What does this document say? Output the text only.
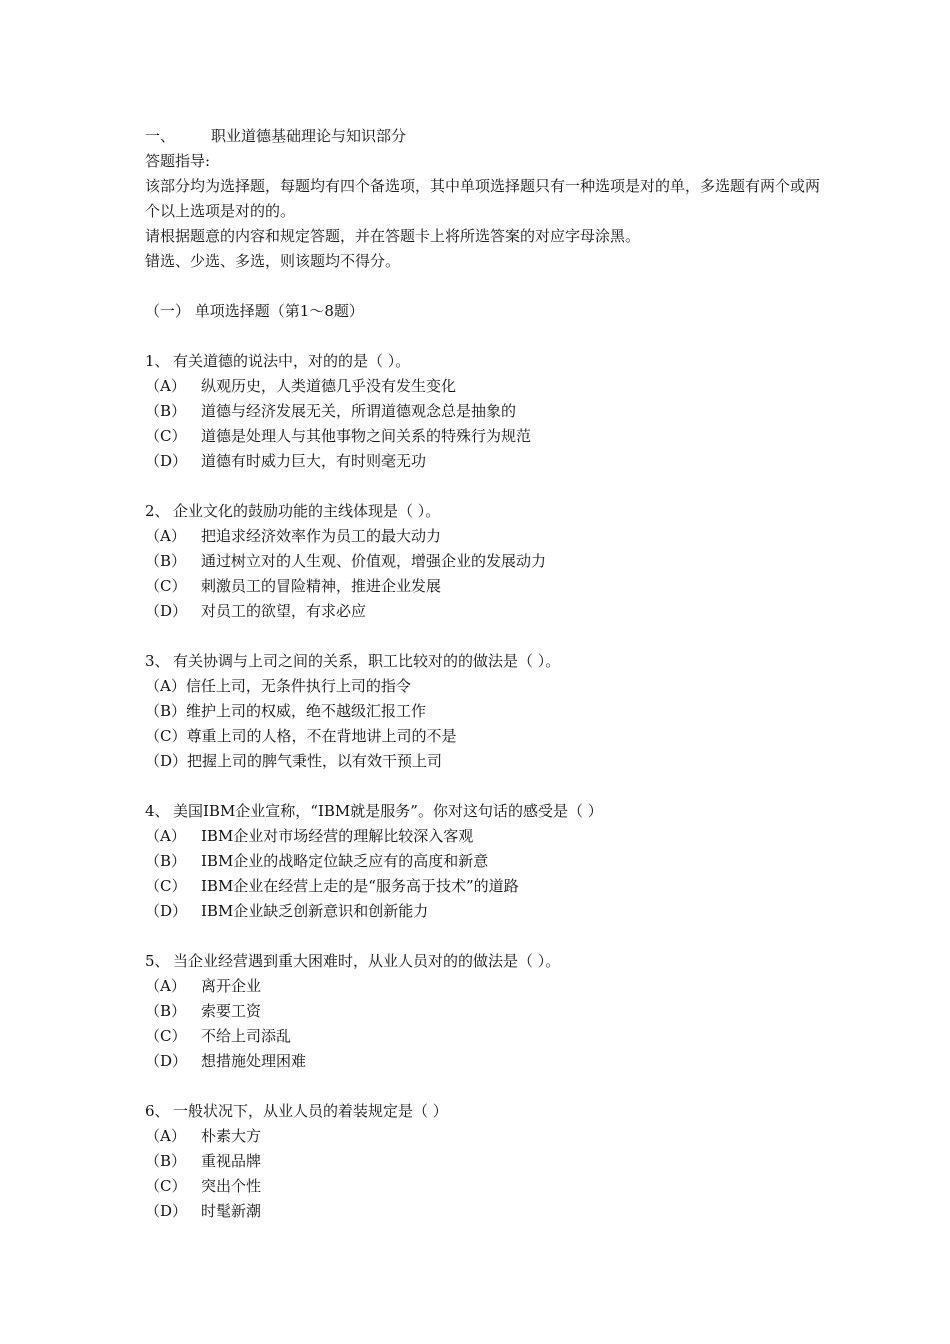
一、 职业道德基础理论与知识部分
答题指导:
该部分均为选择题，每题均有四个备选项，其中单项选择题只有一种选项是对的单，多选题有两个或两个以上选项是对的的。
请根据题意的内容和规定答题，并在答题卡上将所选答案的对应字母涂黑。
错选、少选、多选，则该题均不得分。
（一） 单项选择题（第1～8题）
1、 有关道德的说法中，对的的是（ ）。
（A） 纵观历史，人类道德几乎没有发生变化
（B） 道德与经济发展无关，所谓道德观念总是抽象的
（C） 道德是处理人与其他事物之间关系的特殊行为规范
（D） 道德有时威力巨大，有时则毫无功
2、 企业文化的鼓励功能的主线体现是（ ）。
（A） 把追求经济效率作为员工的最大动力
（B） 通过树立对的人生观、价值观，增强企业的发展动力
（C） 刺激员工的冒险精神，推进企业发展
（D） 对员工的欲望，有求必应
3、 有关协调与上司之间的关系，职工比较对的的做法是（ ）。
（A）信任上司，无条件执行上司的指令
（B）维护上司的权威，绝不越级汇报工作
（C）尊重上司的人格，不在背地讲上司的不是
（D）把握上司的脾气秉性，以有效干预上司
4、 美国IBM企业宣称，“IBM就是服务”。你对这句话的感受是（ ）
（A） IBM企业对市场经营的理解比较深入客观
（B） IBM企业的战略定位缺乏应有的高度和新意
（C） IBM企业在经营上走的是“服务高于技术”的道路
（D） IBM企业缺乏创新意识和创新能力
5、 当企业经营遇到重大困难时，从业人员对的的做法是（ ）。
（A） 离开企业
（B） 索要工资
（C） 不给上司添乱
（D） 想措施处理困难
6、 一般状况下，从业人员的着装规定是（ ）
（A） 朴素大方
（B） 重视品牌
（C） 突出个性
（D） 时髦新潮
